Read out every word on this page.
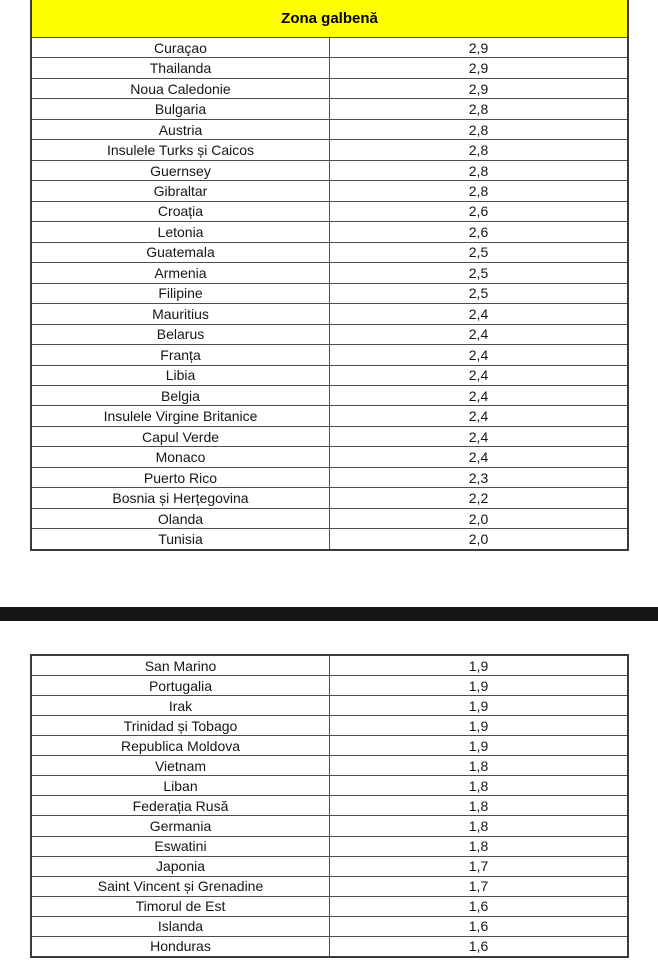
Zona galbenă	
Curaçao	2,9
Thailanda	2,9
Noua Caledonie	2,9
Bulgaria	2,8
Austria	2,8
Insulele Turks și Caicos	2,8
Guernsey	2,8
Gibraltar	2,8
Croația	2,6
Letonia	2,6
Guatemala	2,5
Armenia	2,5
Filipine	2,5
Mauritius	2,4
Belarus	2,4
Franța	2,4
Libia	2,4
Belgia	2,4
Insulele Virgine Britanice	2,4
Capul Verde	2,4
Monaco	2,4
Puerto Rico	2,3
Bosnia și Herțegovina	2,2
Olanda	2,0
Tunisia	2,0
San Marino	1,9
Portugalia	1,9
Irak	1,9
Trinidad și Tobago	1,9
Republica Moldova	1,9
Vietnam	1,8
Liban	1,8
Federația Rusă	1,8
Germania	1,8
Eswatini	1,8
Japonia	1,7
Saint Vincent și Grenadine	1,7
Timorul de Est	1,6
Islanda	1,6
Honduras	1,6
